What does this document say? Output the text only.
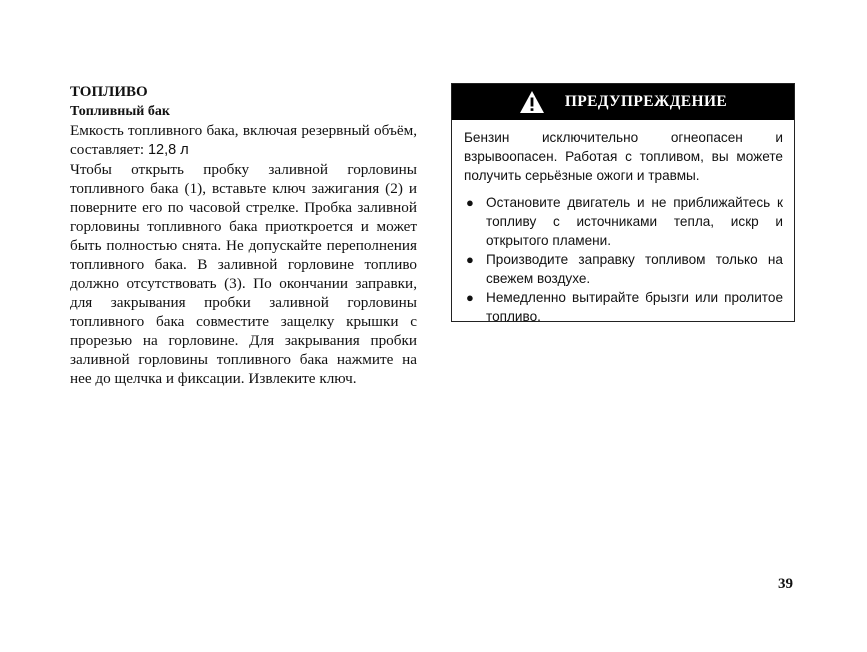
ТОПЛИВО
Топливный бак

Емкость топливного бака, включая резервный объём, составляет: 12,8 л

Чтобы открыть пробку заливной горловины топливного бака (1), вставьте ключ зажигания (2) и поверните его по часовой стрелке. Пробка заливной горловины топливного бака приоткроется и может быть полностью снята. Не допускайте переполнения топливного бака. В заливной горловине топливо должно отсутствовать (3). По окончании заправки, для закрывания пробки заливной горловины топливного бака совместите защелку крышки с прорезью на горловине. Для закрывания пробки заливной горловины топливного бака нажмите на нее до щелчка и фиксации. Извлеките ключ.

ПРЕДУПРЕЖДЕНИЕ

Бензин исключительно огнеопасен и взрывоопасен. Работая с топливом, вы можете получить серьёзные ожоги и травмы.

● Остановите двигатель и не приближайтесь к топливу с источниками тепла, искр и открытого пламени.
● Производите заправку топливом только на свежем воздухе.
● Немедленно вытирайте брызги или пролитое топливо.
39
